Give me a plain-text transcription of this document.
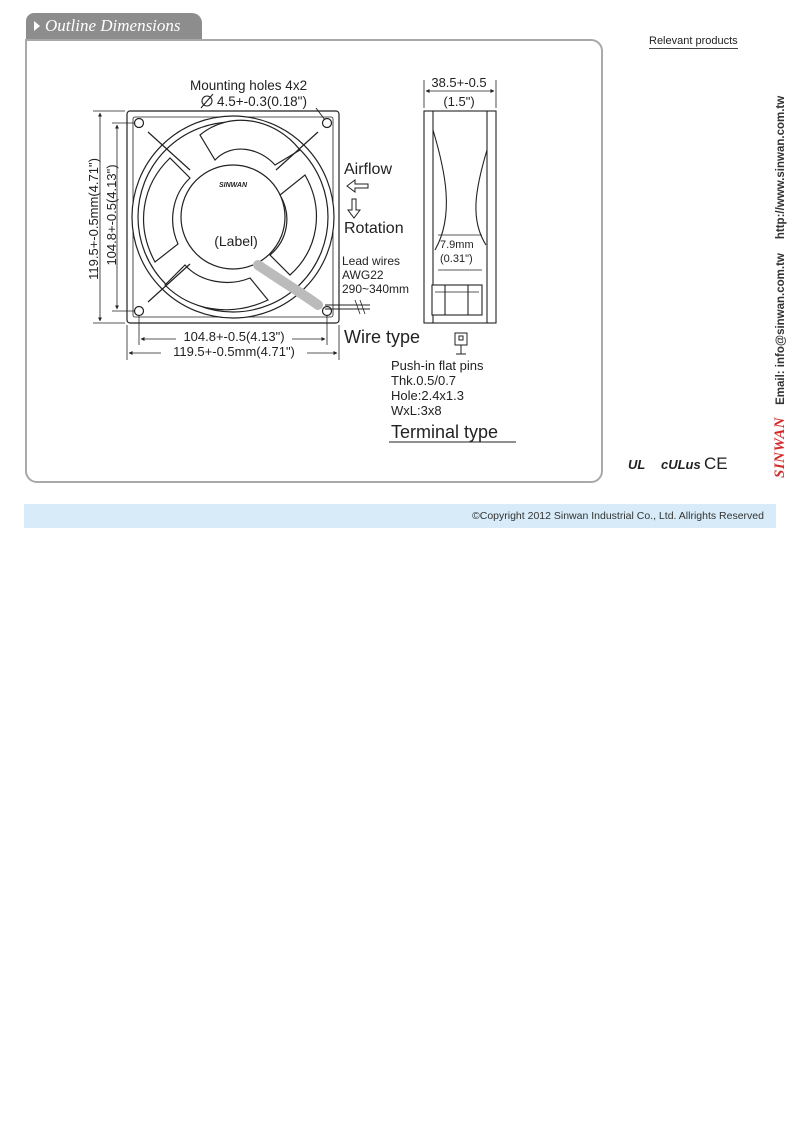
Outline Dimensions
Relevant products
SINWAN
(Label)
Mounting holes 4x2
4.5+-0.3(0.18")
119.5+-0.5mm(4.71") 104.8+-0.5(4.13")
104.8+-0.5(4.13")
119.5+-0.5mm(4.71")
Airflow
Rotation
Lead wires
AWG22
290~340mm
Wire type
38.5+-0.5
(1.5")
7.9mm
(0.31")
Push-in flat pins
Thk.0.5/0.7
Hole:2.4x1.3
WxL:3x8
Terminal type	SINWAN
Email: info@sinwan.com.tw
http://www.sinwan.com.tw
UL cULus CE
©Copyright 2012 Sinwan Industrial Co., Ltd. Allrights Reserved
